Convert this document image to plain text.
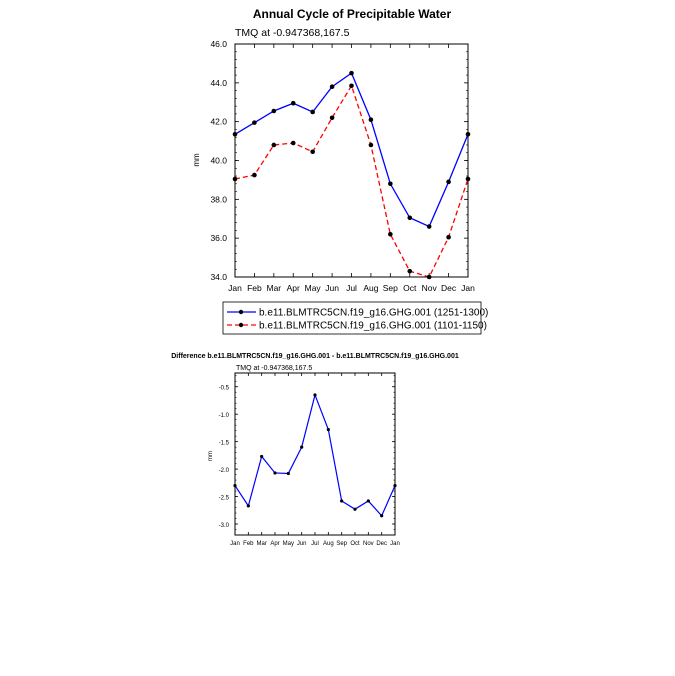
Annual Cycle of Precipitable Water
TMQ at -0.947368,167.5
mm
Jan Feb Mar Apr May Jun Jul Aug Sep Oct Nov Dec Jan
34.0
36.0
38.0
40.0
42.0
44.0
46.0
b.e11.BLMTRC5CN.f19_g16.GHG.001 (1251-1300)
b.e11.BLMTRC5CN.f19_g16.GHG.001 (1101-1150)
Difference b.e11.BLMTRC5CN.f19_g16.GHG.001 - b.e11.BLMTRC5CN.f19_g16.GHG.001
TMQ at -0.947368,167.5
mm
Jan Feb Mar Apr May Jun Jul Aug Sep Oct Nov Dec Jan
-3.0
-2.5
-2.0
-1.5
-1.0
-0.5
